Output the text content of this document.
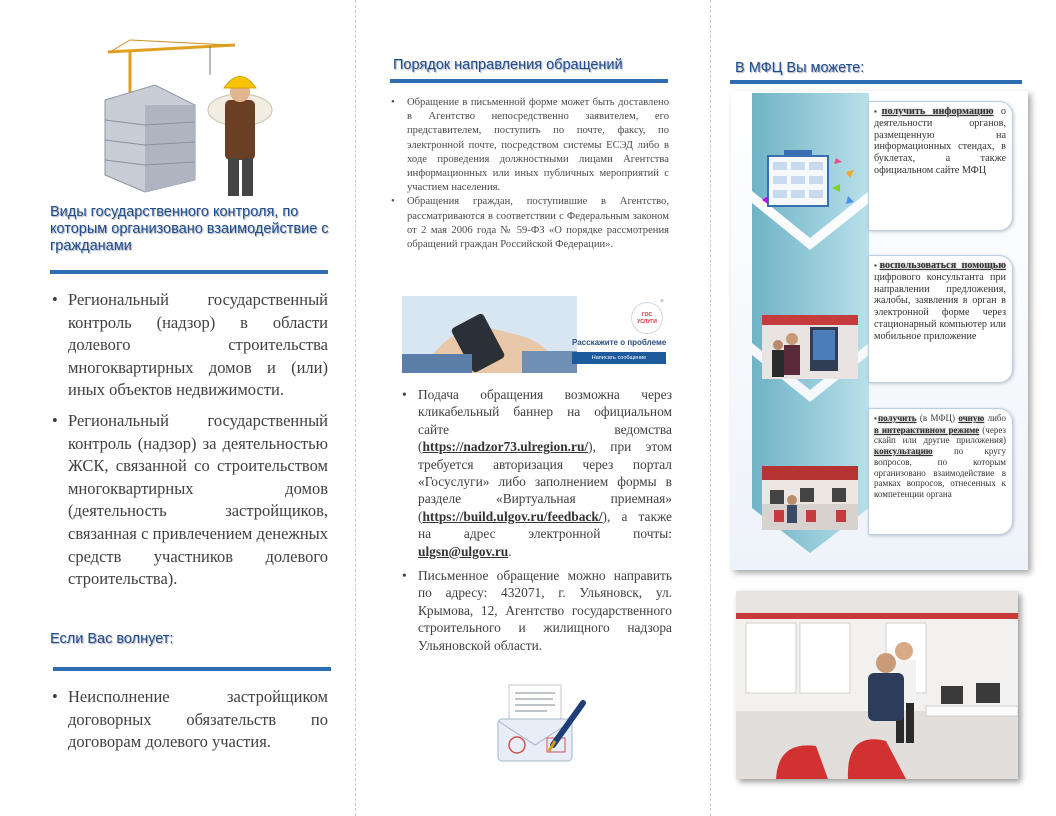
Виды государственного контроля, по которым организовано взаимодействие с гражданами
• Региональный государственный контроль (надзор) в области долевого строительства многоквартирных домов и (или) иных объектов недвижимости.
• Региональный государственный контроль (надзор) за деятельностью ЖСК, связанной со строительством многоквартирных домов (деятельность застройщиков, связанная с привлечением денежных средств участников долевого строительства).
Если Вас волнует:
• Неисполнение застройщиком договорных обязательств по договорам долевого участия.
Порядок направления обращений
• Обращение в письменной форме может быть доставлено в Агентство непосредственно заявителем, его представителем, поступить по почте, факсу, по электронной почте, посредством системы ЕСЭД либо в ходе проведения должностными лицами Агентства информационных или иных публичных мероприятий с участием населения.
• Обращения граждан, поступившие в Агентство, рассматриваются в соответствии с Федеральным законом от 2 мая 2006 года № 59-ФЗ «О порядке рассмотрения обращений граждан Российской Федерации».
ГОС УСЛУГИ
×
Расскажите о проблеме
Написать сообщение
• Подача обращения возможна через кликабельный баннер на официальном сайте ведомства (https://nadzor73.ulregion.ru/), при этом требуется авторизация через портал «Госуслуги» либо заполнением формы в разделе «Виртуальная приемная» (https://build.ulgov.ru/feedback/), а также на адрес электронной почты: ulgsn@ulgov.ru.
• Письменное обращение можно направить по адресу: 432071, г. Ульяновск, ул. Крымова, 12, Агентство государственного строительного и жилищного надзора Ульяновской области.
В МФЦ Вы можете:
▪ получить информацию о деятельности органов, размещенную на информационных стендах, в буклетах, а также официальном сайте МФЦ
▪ воспользоваться помощью цифрового консультанта при направлении предложения, жалобы, заявления в орган в электронной форме через стационарный компьютер или мобильное приложение
▪ получить (в МФЦ) очную либо в интерактивном режиме (через скайп или другие приложения) консультацию по кругу вопросов, по которым организовано взаимодействие в рамках вопросов, отнесенных к компетенции органа
